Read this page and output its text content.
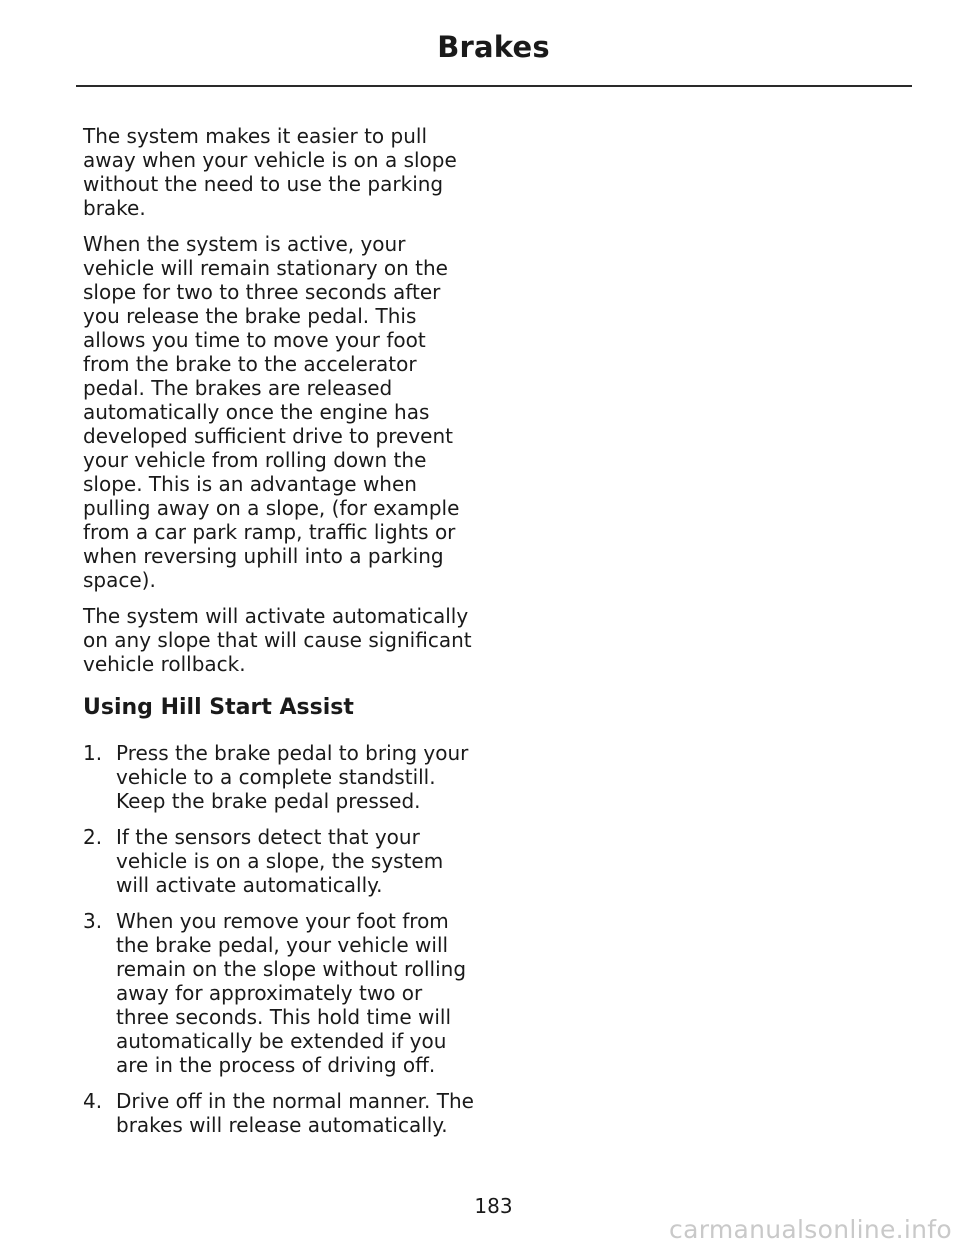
Brakes

The system makes it easier to pull away when your vehicle is on a slope without the need to use the parking brake.

When the system is active, your vehicle will remain stationary on the slope for two to three seconds after you release the brake pedal. This allows you time to move your foot from the brake to the accelerator pedal. The brakes are released automatically once the engine has developed sufficient drive to prevent your vehicle from rolling down the slope. This is an advantage when pulling away on a slope, (for example from a car park ramp, traffic lights or when reversing uphill into a parking space).

The system will activate automatically on any slope that will cause significant vehicle rollback.

Using Hill Start Assist
1. Press the brake pedal to bring your vehicle to a complete standstill. Keep the brake pedal pressed.
2. If the sensors detect that your vehicle is on a slope, the system will activate automatically.
3. When you remove your foot from the brake pedal, your vehicle will remain on the slope without rolling away for approximately two or three seconds. This hold time will automatically be extended if you are in the process of driving off.
4. Drive off in the normal manner. The brakes will release automatically.
183
carmanualsonline.info
